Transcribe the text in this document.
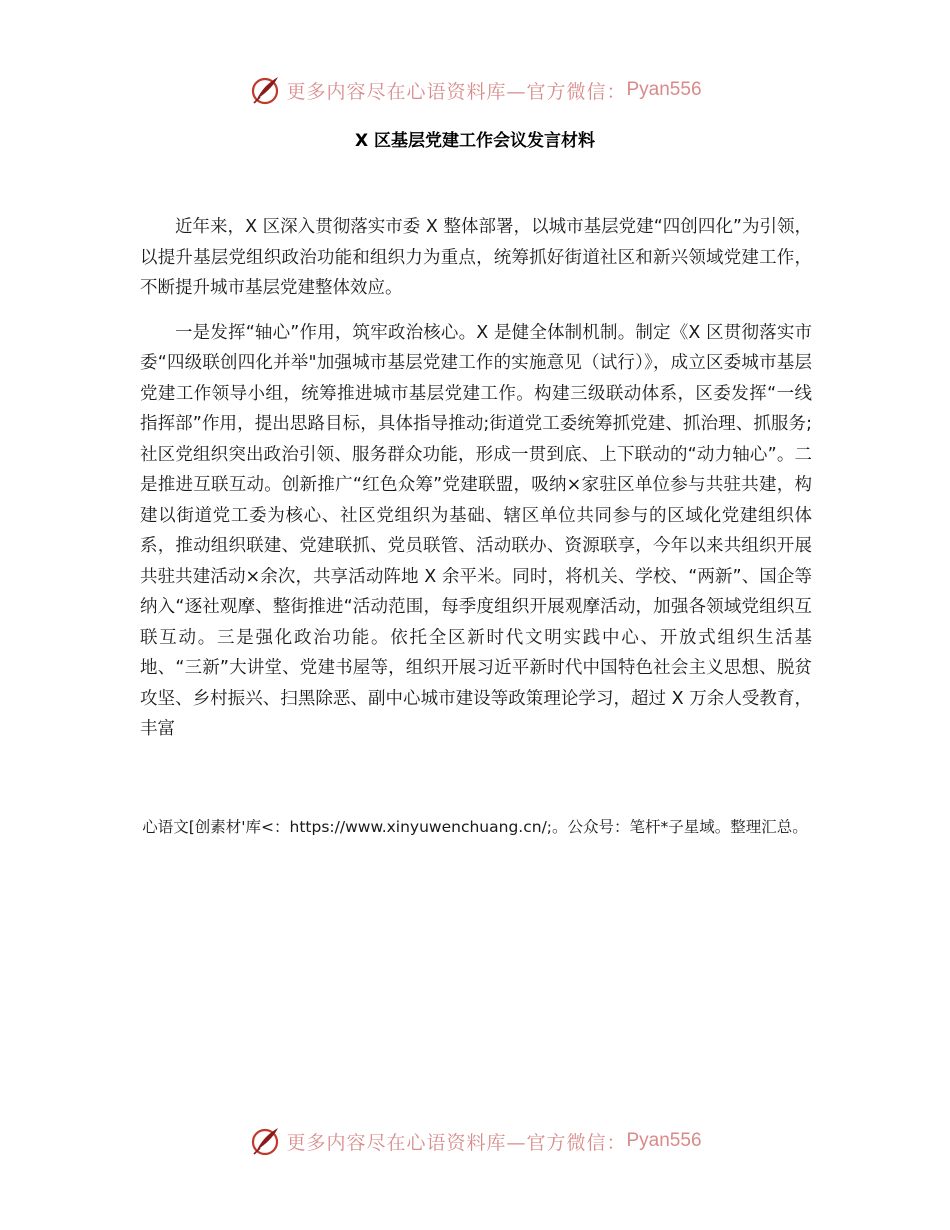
更多内容尽在心语资料库—官方微信： Pyan556
X 区基层党建工作会议发言材料

近年来，X 区深入贯彻落实市委 X 整体部署，以城市基层党建“四创四化”为引领，以提升基层党组织政治功能和组织力为重点，统筹抓好街道社区和新兴领域党建工作，不断提升城市基层党建整体效应。

一是发挥“轴心”作用，筑牢政治核心。X 是健全体制机制。制定《X 区贯彻落实市委“四级联创四化并举"加强城市基层党建工作的实施意见（试行）》，成立区委城市基层党建工作领导小组，统筹推进城市基层党建工作。构建三级联动体系，区委发挥“一线指挥部”作用，提出思路目标，具体指导推动;街道党工委统筹抓党建、抓治理、抓服务;社区党组织突出政治引领、服务群众功能，形成一贯到底、上下联动的“动力轴心”。二是推进互联互动。创新推广“红色众筹”党建联盟，吸纳×家驻区单位参与共驻共建，构建以街道党工委为核心、社区党组织为基础、辖区单位共同参与的区域化党建组织体系，推动组织联建、党建联抓、党员联管、活动联办、资源联享，今年以来共组织开展共驻共建活动×余次，共享活动阵地 X 余平米。同时，将机关、学校、“两新”、国企等纳入“逐社观摩、整街推进“活动范围，每季度组织开展观摩活动，加强各领域党组织互联互动。三是强化政治功能。依托全区新时代文明实践中心、开放式组织生活基地、“三新”大讲堂、党建书屋等，组织开展习近平新时代中国特色社会主义思想、脱贫攻坚、乡村振兴、扫黑除恶、副中心城市建设等政策理论学习，超过 X 万余人受教育，丰富

心语文[创素材'库<：https://www.xinyuwenchuang.cn/;。公众号：笔杆*子星域。整理汇总。
更多内容尽在心语资料库—官方微信： Pyan556
